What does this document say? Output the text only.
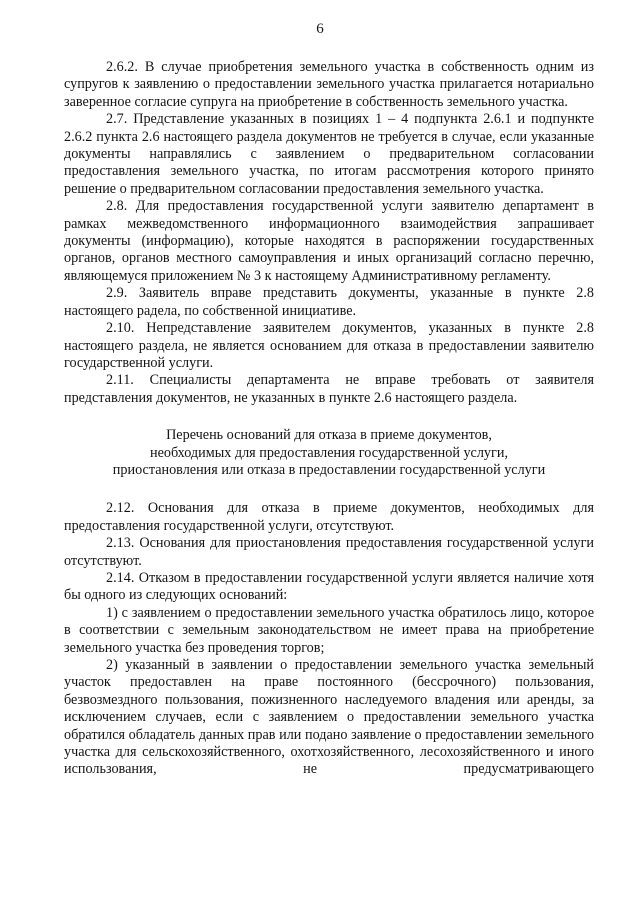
6

2.6.2. В случае приобретения земельного участка в собственность одним из супругов к заявлению о предоставлении земельного участка прилагается нотариально заверенное согласие супруга на приобретение в собственность земельного участка.

2.7. Представление указанных в позициях 1 – 4 подпункта 2.6.1 и подпункте 2.6.2 пункта 2.6 настоящего раздела документов не требуется в случае, если указанные документы направлялись с заявлением о предварительном согласовании предоставления земельного участка, по итогам рассмотрения которого принято решение о предварительном согласовании предоставления земельного участка.

2.8. Для предоставления государственной услуги заявителю департамент в рамках межведомственного информационного взаимодействия запрашивает документы (информацию), которые находятся в распоряжении государственных органов, органов местного самоуправления и иных организаций согласно перечню, являющемуся приложением № 3 к настоящему Административному регламенту.

2.9. Заявитель вправе представить документы, указанные в пункте 2.8 настоящего радела, по собственной инициативе.

2.10. Непредставление заявителем документов, указанных в пункте 2.8 настоящего раздела, не является основанием для отказа в предоставлении заявителю государственной услуги.

2.11. Специалисты департамента не вправе требовать от заявителя представления документов, не указанных в пункте 2.6 настоящего раздела.

Перечень оснований для отказа в приеме документов,
необходимых для предоставления государственной услуги,
приостановления или отказа в предоставлении государственной услуги

2.12. Основания для отказа в приеме документов, необходимых для предоставления государственной услуги, отсутствуют.

2.13. Основания для приостановления предоставления государственной услуги отсутствуют.

2.14. Отказом в предоставлении государственной услуги является наличие хотя бы одного из следующих оснований:

1) с заявлением о предоставлении земельного участка обратилось лицо, которое в соответствии с земельным законодательством не имеет права на приобретение земельного участка без проведения торгов;

2) указанный в заявлении о предоставлении земельного участка земельный участок предоставлен на праве постоянного (бессрочного) пользования, безвозмездного пользования, пожизненного наследуемого владения или аренды, за исключением случаев, если с заявлением о предоставлении земельного участка обратился обладатель данных прав или подано заявление о предоставлении земельного участка для сельскохозяйственного, охотхозяйственного, лесохозяйственного и иного использования, не предусматривающего
